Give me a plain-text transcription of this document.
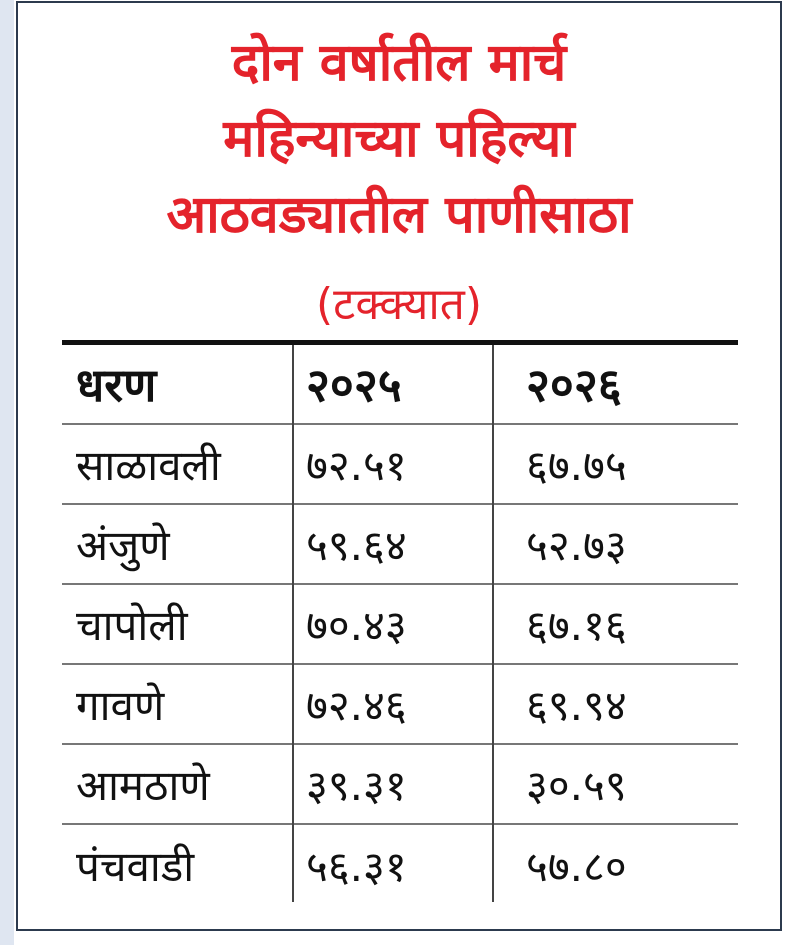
दोन वर्षातील मार्च
महिन्याच्या पहिल्या
आठवड्यातील पाणीसाठा
(टक्क्यात)
धरण	२०२५	२०२६
साळावली	७२.५१	६७.७५
अंजुणे	५९.६४	५२.७३
चापोली	७०.४३	६७.१६
गावणे	७२.४६	६९.९४
आमठाणे	३९.३१	३०.५९
पंचवाडी	५६.३१	५७.८०
